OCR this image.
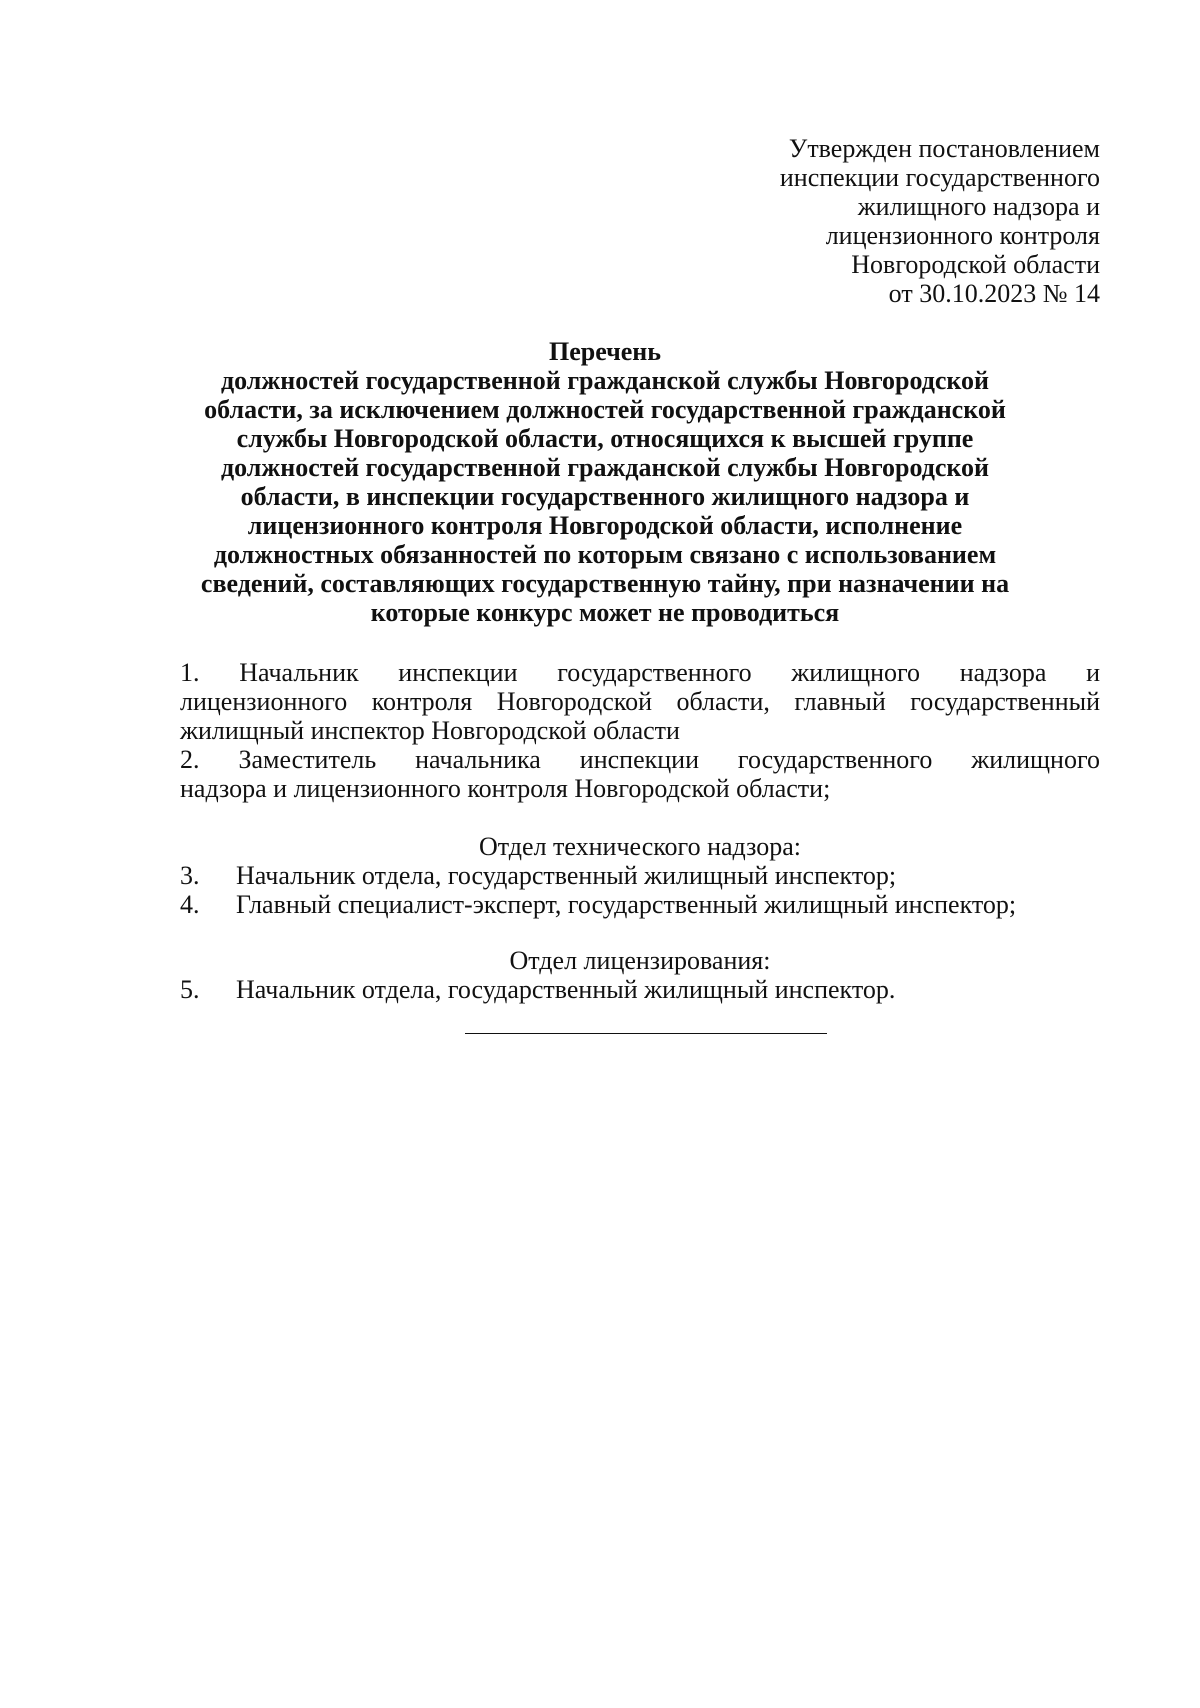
Утвержден постановлением
инспекции государственного
жилищного надзора и
лицензионного контроля
Новгородской области
от 30.10.2023 № 14
Перечень
должностей государственной гражданской службы Новгородской
области, за исключением должностей государственной гражданской
службы Новгородской области, относящихся к высшей группе
должностей государственной гражданской службы Новгородской
области, в инспекции государственного жилищного надзора и
лицензионного контроля Новгородской области, исполнение
должностных обязанностей по которым связано с использованием
сведений, составляющих государственную тайну, при назначении на
которые конкурс может не проводиться
1. Начальник инспекции государственного жилищного надзора и
лицензионного контроля Новгородской области, главный государственный
жилищный инспектор Новгородской области
2. Заместитель начальника инспекции государственного жилищного
надзора и лицензионного контроля Новгородской области;
Отдел технического надзора:
3.	Начальник отдела, государственный жилищный инспектор;
4.	Главный специалист-эксперт, государственный жилищный инспектор;
Отдел лицензирования:
5.	Начальник отдела, государственный жилищный инспектор.
